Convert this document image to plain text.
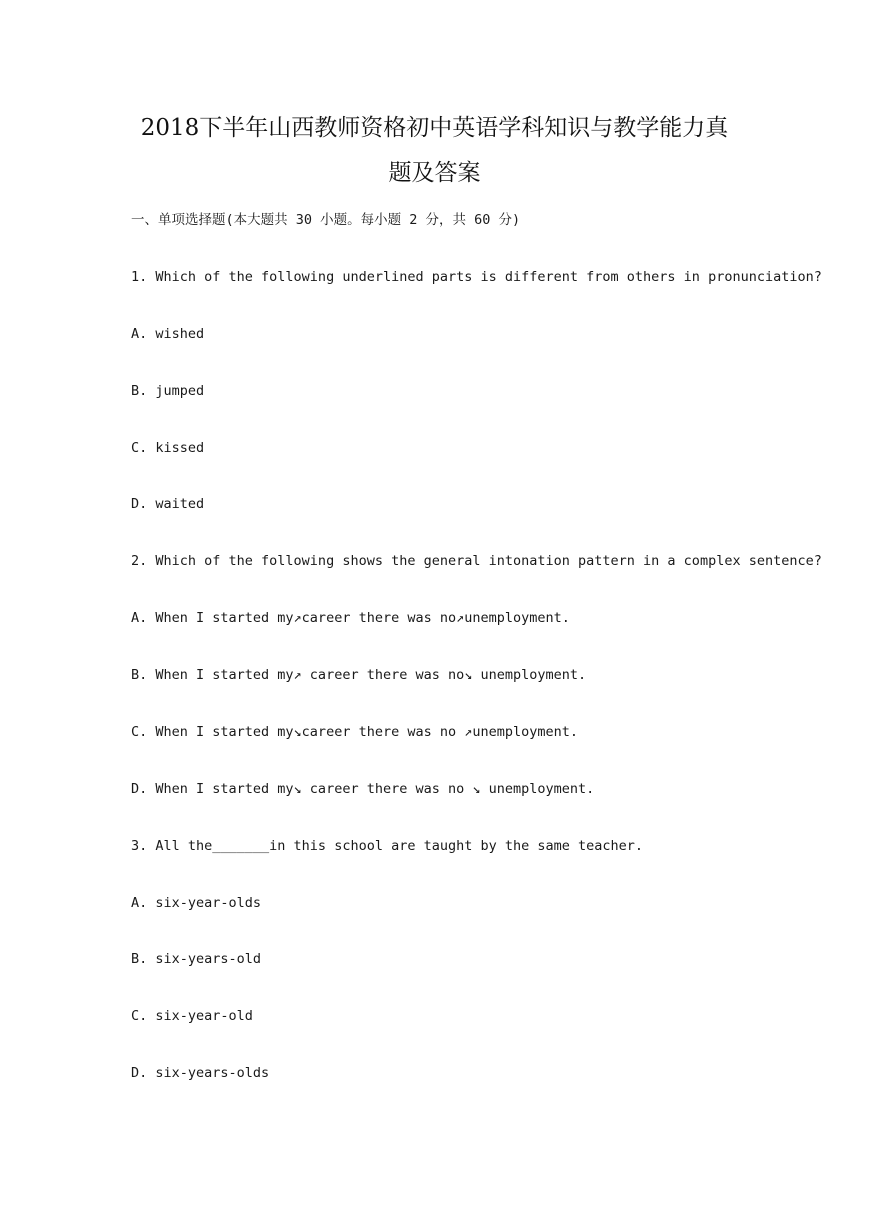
2018下半年山西教师资格初中英语学科知识与教学能力真
题及答案
一、单项选择题(本大题共 30 小题。每小题 2 分，共 60 分)
1. Which of the following underlined parts is different from others in pronunciation?
A. wished
B. jumped
C. kissed
D. waited
2. Which of the following shows the general intonation pattern in a complex sentence?
A. When I started my↗career there was no↗unemployment.
B. When I started my↗ career there was no↘ unemployment.
C. When I started my↘career there was no ↗unemployment.
D. When I started my↘ career there was no ↘ unemployment.
3. All the_______in this school are taught by the same teacher.
A. six-year-olds
B. six-years-old
C. six-year-old
D. six-years-olds
